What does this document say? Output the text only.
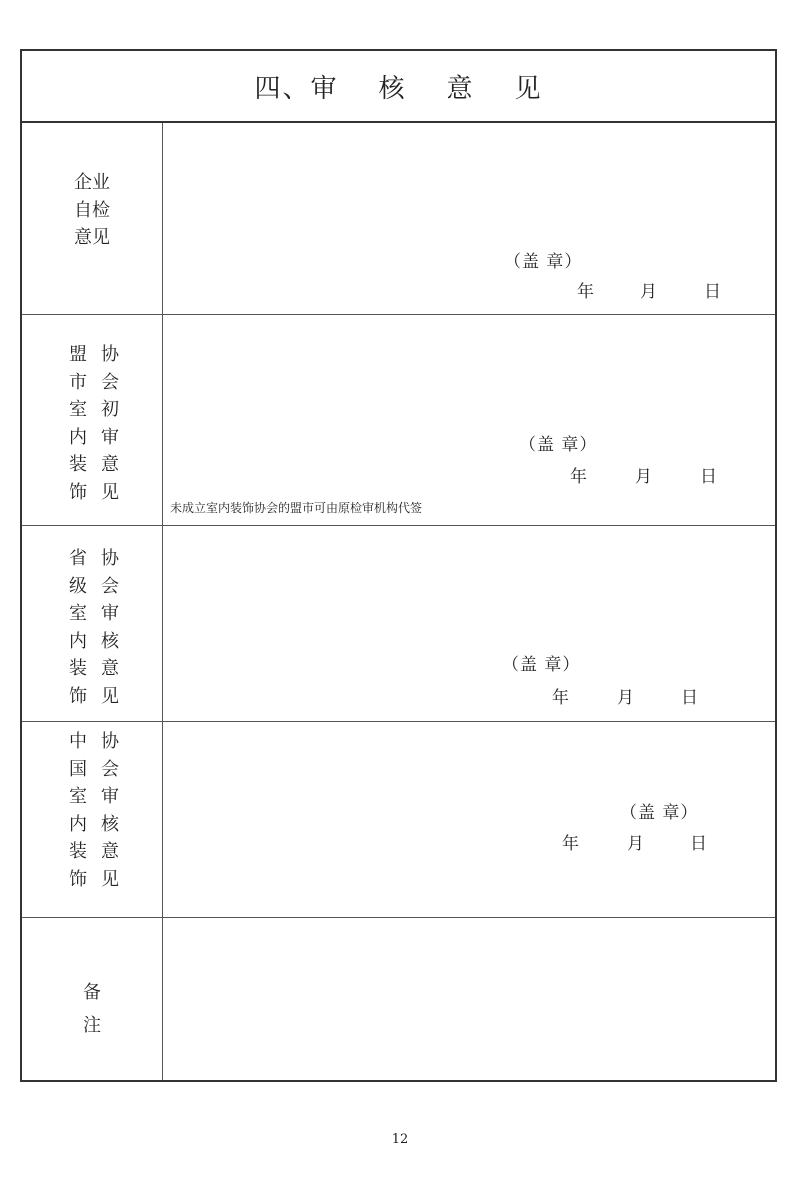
四、 审 核 意 见
企业
自检
意见
（盖 章）
年	月	日
盟 协
市 会
室 初
内 审
装 意
饰 见
（盖 章）
年	月	日
未成立室内装饰协会的盟市可由原检审机构代签
省 协
级 会
室 审
内 核
装 意
饰 见
（盖 章）
年	月	日
中 协
国 会
室 审
内 核
装 意
饰 见
（盖 章）
年	月	日
备
注
12
